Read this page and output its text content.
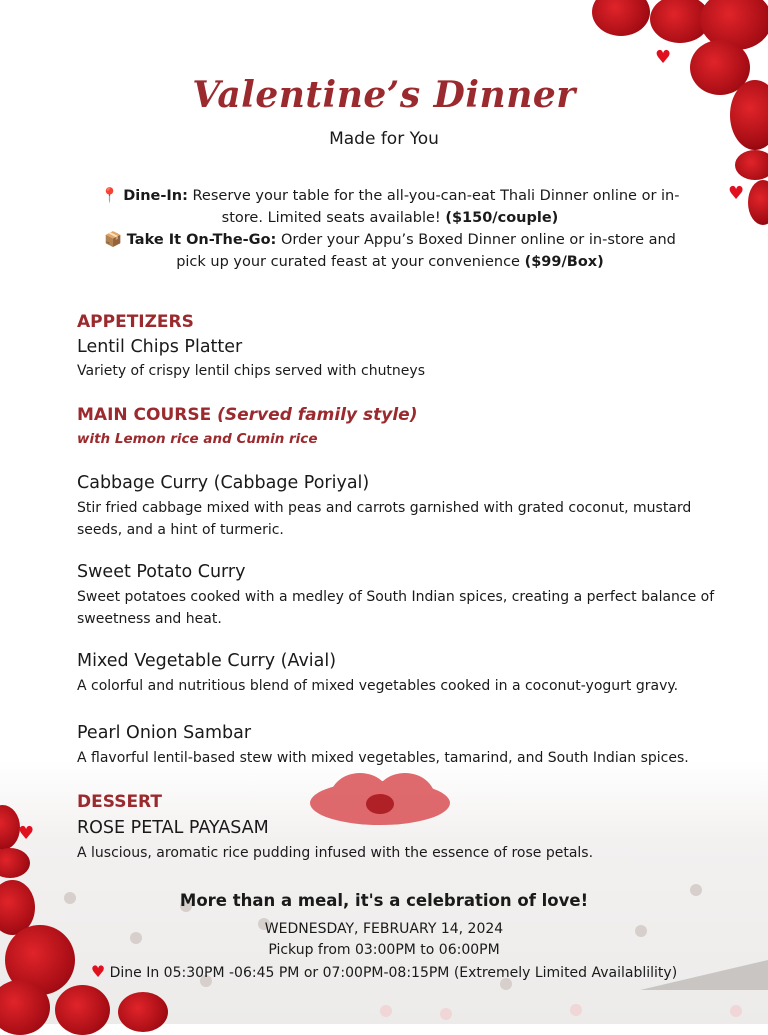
♥
♥
♥
Valentine’s Dinner
Made for You
📍 Dine-In: Reserve your table for the all-you-can-eat Thali Dinner online or in-store. Limited seats available! ($150/couple)
📦 Take It On-The-Go: Order your Appu’s Boxed Dinner online or in-store and pick up your curated feast at your convenience ($99/Box)
APPETIZERS
Lentil Chips Platter
Variety of crispy lentil chips served with chutneys
MAIN COURSE (Served family style)
with Lemon rice and Cumin rice
Cabbage Curry (Cabbage Poriyal)
Stir fried cabbage mixed with peas and carrots garnished with grated coconut, mustard seeds, and a hint of turmeric.
Sweet Potato Curry
Sweet potatoes cooked with a medley of South Indian spices, creating a perfect balance of sweetness and heat.
Mixed Vegetable Curry (Avial)
A colorful and nutritious blend of mixed vegetables cooked in a coconut-yogurt gravy.
Pearl Onion Sambar
A flavorful lentil-based stew with mixed vegetables, tamarind, and South Indian spices.
DESSERT
ROSE PETAL PAYASAM
A luscious, aromatic rice pudding infused with the essence of rose petals.
More than a meal, it's a celebration of love!
WEDNESDAY, FEBRUARY 14, 2024
Pickup from 03:00PM to 06:00PM
♥ Dine In 05:30PM -06:45 PM or 07:00PM-08:15PM (Extremely Limited Availablility)
